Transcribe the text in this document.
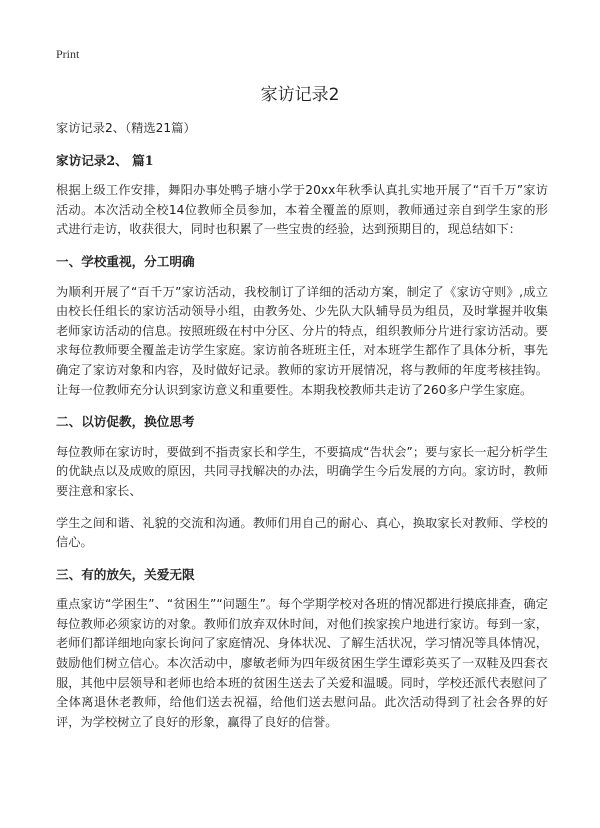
Print
家访记录2

家访记录2、（精选21篇）

家访记录2、 篇1

根据上级工作安排，舞阳办事处鸭子塘小学于20xx年秋季认真扎实地开展了“百千万”家访活动。本次活动全校14位教师全员参加，本着全覆盖的原则，教师通过亲自到学生家的形式进行走访，收获很大，同时也积累了一些宝贵的经验，达到预期目的，现总结如下：

一、学校重视，分工明确

为顺利开展了“百千万”家访活动，我校制订了详细的活动方案，制定了《家访守则》,成立由校长任组长的家访活动领导小组，由教务处、少先队大队辅导员为组员，及时掌握并收集老师家访活动的信息。按照班级在村中分区、分片的特点，组织教师分片进行家访活动。要求每位教师要全覆盖走访学生家庭。家访前各班班主任，对本班学生都作了具体分析，事先确定了家访对象和内容，及时做好记录。教师的家访开展情况，将与教师的年度考核挂钩。让每一位教师充分认识到家访意义和重要性。本期我校教师共走访了260多户学生家庭。

二、以访促教，换位思考

每位教师在家访时，要做到不指责家长和学生，不要搞成“告状会”；要与家长一起分析学生的优缺点以及成败的原因，共同寻找解决的办法，明确学生今后发展的方向。家访时，教师要注意和家长、

学生之间和谐、礼貌的交流和沟通。教师们用自己的耐心、真心，换取家长对教师、学校的信心。

三、有的放矢，关爱无限

重点家访“学困生”、“贫困生”“问题生”。每个学期学校对各班的情况都进行摸底排查，确定每位教师必须家访的对象。教师们放弃双休时间，对他们挨家挨户地进行家访。每到一家，老师们都详细地向家长询问了家庭情况、身体状况、了解生活状况，学习情况等具体情况，鼓励他们树立信心。本次活动中，廖敏老师为四年级贫困生学生谭彩英买了一双鞋及四套衣服，其他中层领导和老师也给本班的贫困生送去了关爱和温暖。同时，学校还派代表慰问了全体离退休老教师，给他们送去祝福，给他们送去慰问品。此次活动得到了社会各界的好评，为学校树立了良好的形象，赢得了良好的信誉。
